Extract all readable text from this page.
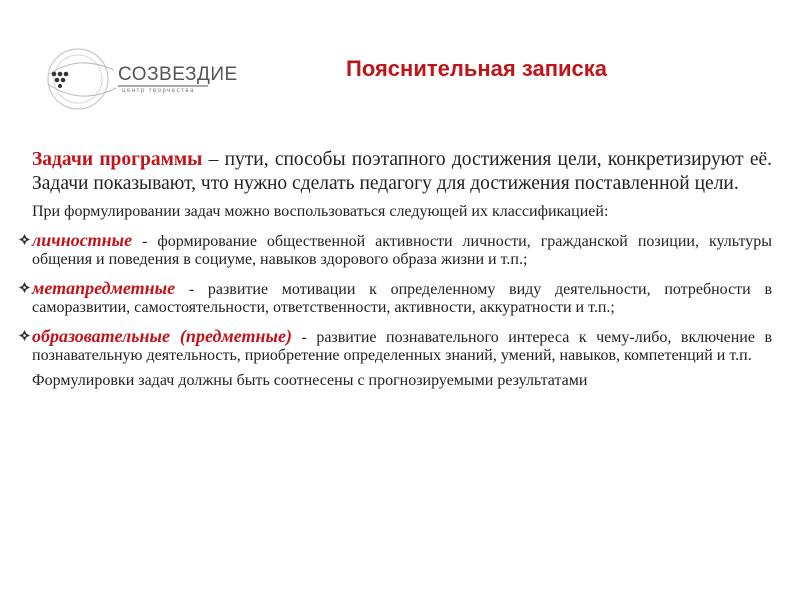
СОЗВЕЗДИЕ
центр творчества
Пояснительная записка

Задачи программы – пути, способы поэтапного достижения цели, конкретизируют её. Задачи показывают, что нужно сделать педагогу для достижения поставленной цели.

При формулировании задач можно воспользоваться следующей их классификацией:

личностные - формирование общественной активности личности, гражданской позиции, культуры общения и поведения в социуме, навыков здорового образа жизни и т.п.;
метапредметные - развитие мотивации к определенному виду деятельности, потребности в саморазвитии, самостоятельности, ответственности, активности, аккуратности и т.п.;
образовательные (предметные) - развитие познавательного интереса к чему-либо, включение в познавательную деятельность, приобретение определенных знаний, умений, навыков, компетенций и т.п.

Формулировки задач должны быть соотнесены с прогнозируемыми результатами
